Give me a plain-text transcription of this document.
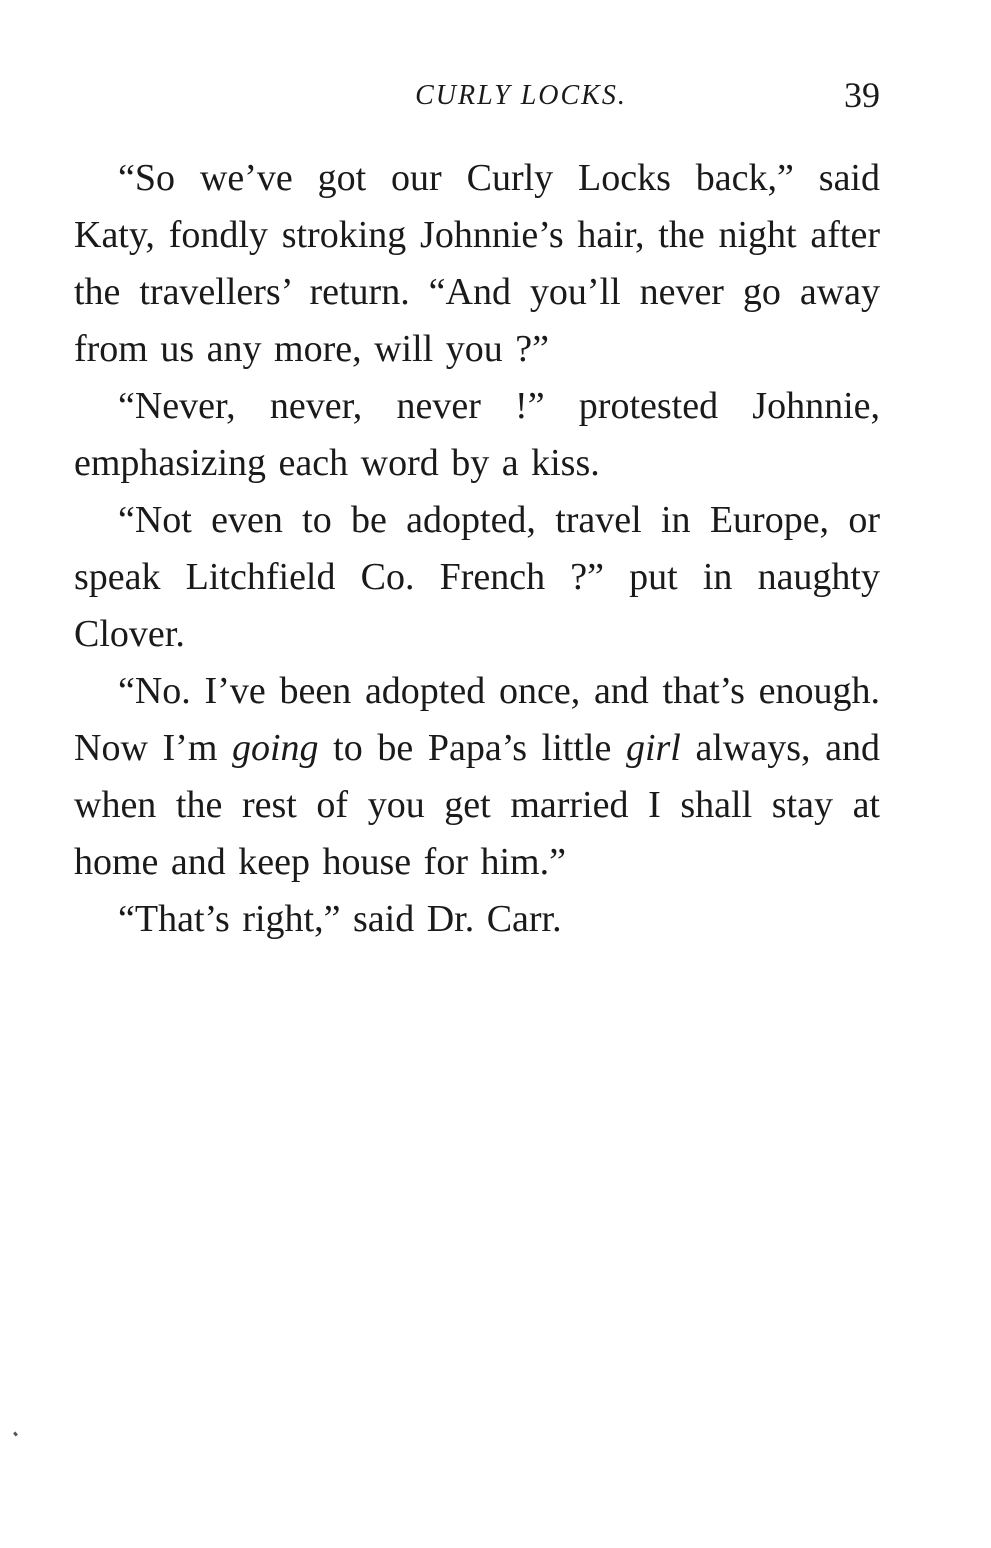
CURLY LOCKS.	39

“So we’ve got our Curly Locks back,” said Katy, fondly stroking Johnnie’s hair, the night after the travellers’ return. “And you’ll never go away from us any more, will you ?”

“Never, never, never !” protested Johnnie, emphasizing each word by a kiss.

“Not even to be adopted, travel in Europe, or speak Litchfield Co. French ?” put in naughty Clover.

“No. I’ve been adopted once, and that’s enough. Now I’m going to be Papa’s little girl always, and when the rest of you get married I shall stay at home and keep house for him.”

“That’s right,” said Dr. Carr.
